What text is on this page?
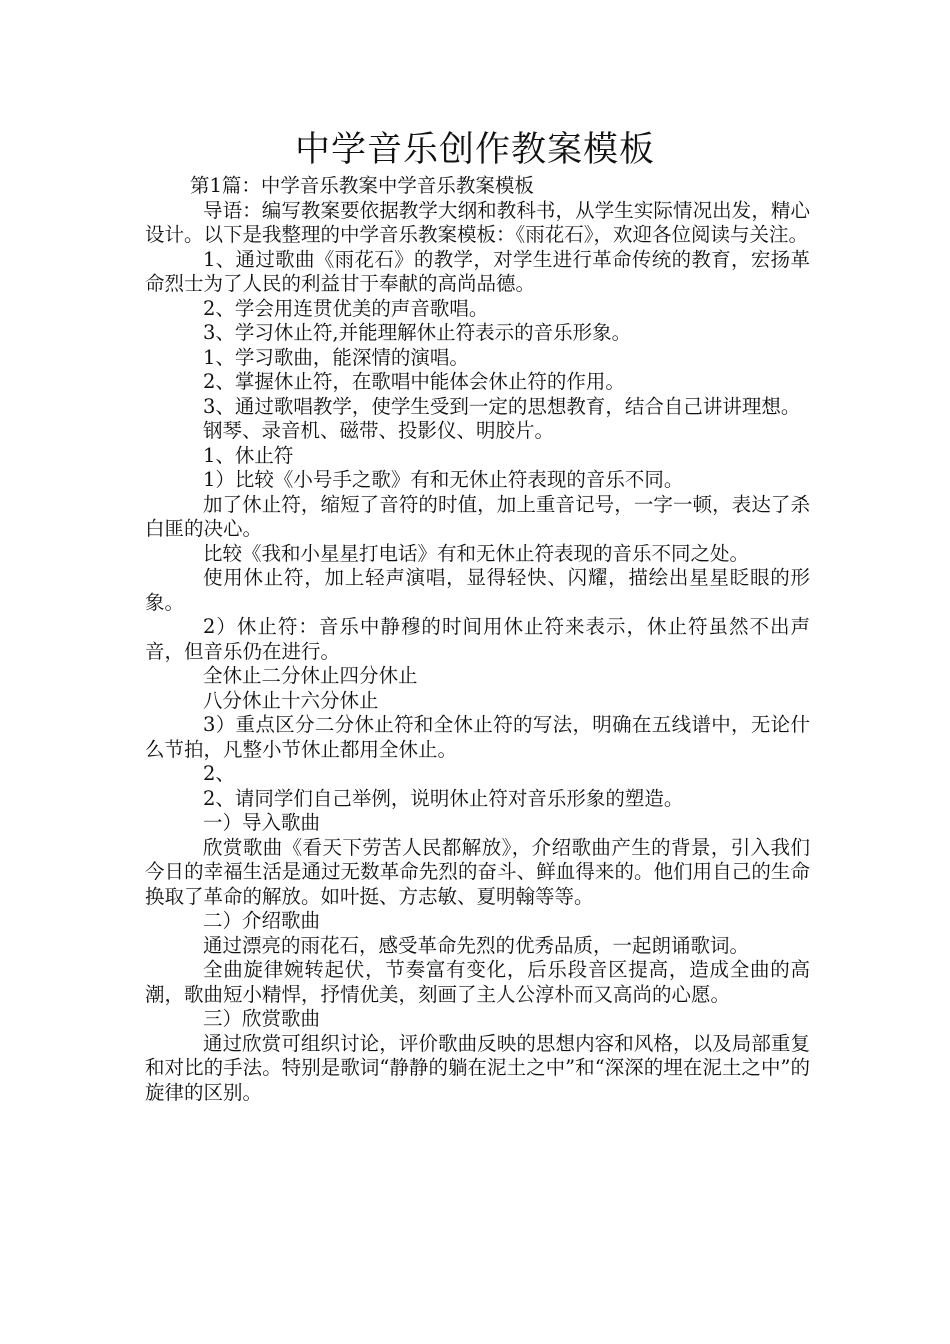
中学音乐创作教案模板

第1篇：中学音乐教案中学音乐教案模板

导语：编写教案要依据教学大纲和教科书，从学生实际情况出发，精心设计。以下是我整理的中学音乐教案模板：《雨花石》，欢迎各位阅读与关注。

1、通过歌曲《雨花石》的教学，对学生进行革命传统的教育，宏扬革命烈士为了人民的利益甘于奉献的高尚品德。

2、学会用连贯优美的声音歌唱。

3、学习休止符,并能理解休止符表示的音乐形象。

1、学习歌曲，能深情的演唱。

2、掌握休止符，在歌唱中能体会休止符的作用。

3、通过歌唱教学，使学生受到一定的思想教育，结合自己讲讲理想。

钢琴、录音机、磁带、投影仪、明胶片。

1、休止符

1）比较《小号手之歌》有和无休止符表现的音乐不同。

加了休止符，缩短了音符的时值，加上重音记号，一字一顿，表达了杀白匪的决心。

比较《我和小星星打电话》有和无休止符表现的音乐不同之处。

使用休止符，加上轻声演唱，显得轻快、闪耀，描绘出星星眨眼的形象。

2）休止符：音乐中静穆的时间用休止符来表示，休止符虽然不出声音，但音乐仍在进行。

全休止二分休止四分休止

八分休止十六分休止

3）重点区分二分休止符和全休止符的写法，明确在五线谱中，无论什么节拍，凡整小节休止都用全休止。

2、

2、请同学们自己举例，说明休止符对音乐形象的塑造。

一）导入歌曲

欣赏歌曲《看天下劳苦人民都解放》，介绍歌曲产生的背景，引入我们今日的幸福生活是通过无数革命先烈的奋斗、鲜血得来的。他们用自己的生命换取了革命的解放。如叶挺、方志敏、夏明翰等等。

二）介绍歌曲

通过漂亮的雨花石，感受革命先烈的优秀品质，一起朗诵歌词。

全曲旋律婉转起伏，节奏富有变化，后乐段音区提高，造成全曲的高潮，歌曲短小精悍，抒情优美，刻画了主人公淳朴而又高尚的心愿。

三）欣赏歌曲

通过欣赏可组织讨论，评价歌曲反映的思想内容和风格，以及局部重复和对比的手法。特别是歌词“静静的躺在泥土之中”和“深深的埋在泥土之中”的旋律的区别。
